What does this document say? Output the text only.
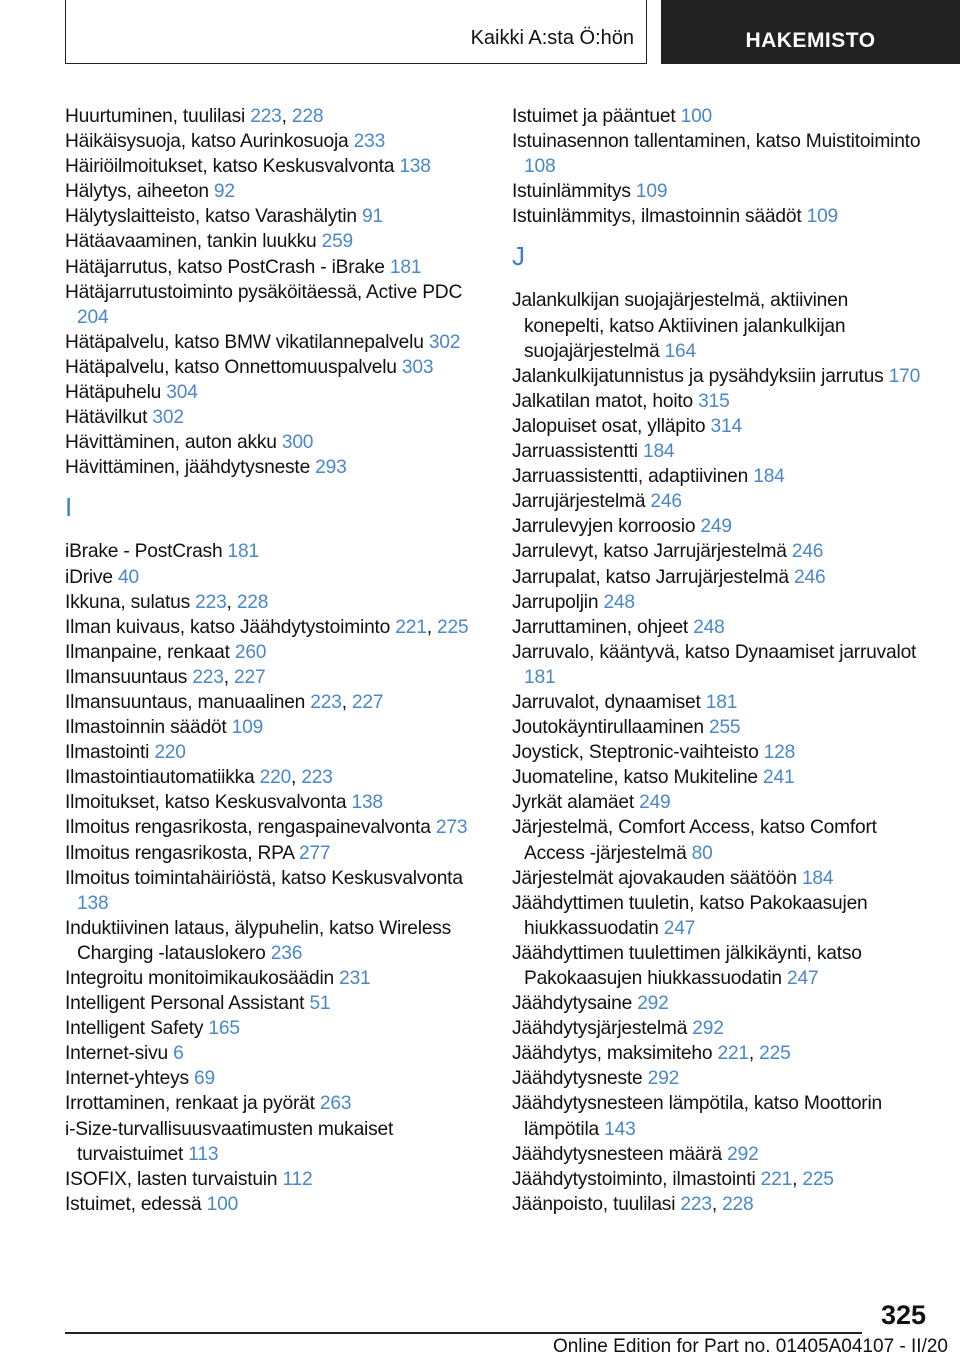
Kaikki A:sta Ö:hön	HAKEMISTO
Huurtuminen, tuulilasi 223, 228
Häikäisysuoja, katso Aurinkosuoja 233
Häiriöilmoitukset, katso Keskusvalvonta 138
Hälytys, aiheeton 92
Hälytyslaitteisto, katso Varashälytin 91
Hätäavaaminen, tankin luukku 259
Hätäjarrutus, katso PostCrash - iBrake 181
Hätäjarrutustoiminto pysäköitäessä, Active PDC 204
Hätäpalvelu, katso BMW vikatilannepalvelu 302
Hätäpalvelu, katso Onnettomuuspalvelu 303
Hätäpuhelu 304
Hätävilkut 302
Hävittäminen, auton akku 300
Hävittäminen, jäähdytysneste 293
I
iBrake - PostCrash 181
iDrive 40
Ikkuna, sulatus 223, 228
Ilman kuivaus, katso Jäähdytystoiminto 221, 225
Ilmanpaine, renkaat 260
Ilmansuuntaus 223, 227
Ilmansuuntaus, manuaalinen 223, 227
Ilmastoinnin säädöt 109
Ilmastointi 220
Ilmastointiautomatiikka 220, 223
Ilmoitukset, katso Keskusvalvonta 138
Ilmoitus rengasrikosta, rengaspainevalvonta 273
Ilmoitus rengasrikosta, RPA 277
Ilmoitus toimintahäiriöstä, katso Keskusvalvonta 138
Induktiivinen lataus, älypuhelin, katso Wireless Charging -latauslokero 236
Integroitu monitoimikaukosäädin 231
Intelligent Personal Assistant 51
Intelligent Safety 165
Internet-sivu 6
Internet-yhteys 69
Irrottaminen, renkaat ja pyörät 263
i-Size-turvallisuusvaatimusten mukaiset turvaistuimet 113
ISOFIX, lasten turvaistuin 112
Istuimet, edessä 100
Istuimet ja pääntuet 100
Istuinasennon tallentaminen, katso Muistitoiminto 108
Istuinlämmitys 109
Istuinlämmitys, ilmastoinnin säädöt 109
J
Jalankulkijan suojajärjestelmä, aktiivinen konepelti, katso Aktiivinen jalankulkijan suojajärjestelmä 164
Jalankulkijatunnistus ja pysähdyksiin jarrutus 170
Jalkatilan matot, hoito 315
Jalopuiset osat, ylläpito 314
Jarruassistentti 184
Jarruassistentti, adaptiivinen 184
Jarrujärjestelmä 246
Jarrulevyjen korroosio 249
Jarrulevyt, katso Jarrujärjestelmä 246
Jarrupalat, katso Jarrujärjestelmä 246
Jarrupoljin 248
Jarruttaminen, ohjeet 248
Jarruvalo, kääntyvä, katso Dynaamiset jarruvalot 181
Jarruvalot, dynaamiset 181
Joutokäyntirullaaminen 255
Joystick, Steptronic-vaihteisto 128
Juomateline, katso Mukiteline 241
Jyrkät alamäet 249
Järjestelmä, Comfort Access, katso Comfort Access -järjestelmä 80
Järjestelmät ajovakauden säätöön 184
Jäähdyttimen tuuletin, katso Pakokaasujen hiukkassuodatin 247
Jäähdyttimen tuulettimen jälkikäynti, katso Pakokaasujen hiukkassuodatin 247
Jäähdytysaine 292
Jäähdytysjärjestelmä 292
Jäähdytys, maksimiteho 221, 225
Jäähdytysneste 292
Jäähdytysnesteen lämpötila, katso Moottorin lämpötila 143
Jäähdytysnesteen määrä 292
Jäähdytystoiminto, ilmastointi 221, 225
Jäänpoisto, tuulilasi 223, 228
325
Online Edition for Part no. 01405A04107 - II/20
